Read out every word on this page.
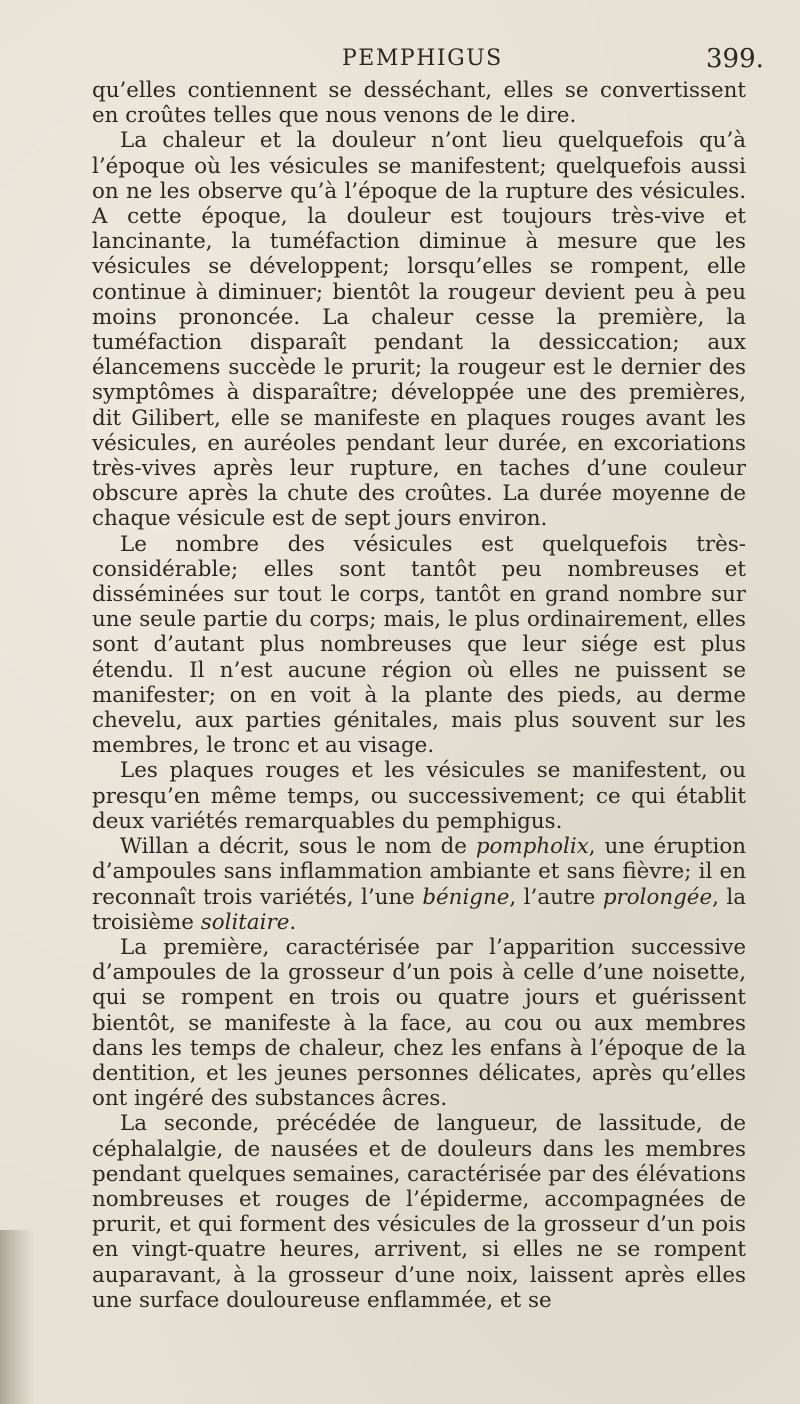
PEMPHIGUS	399.

qu’elles contiennent se desséchant, elles se convertissent en croûtes telles que nous venons de le dire.

La chaleur et la douleur n’ont lieu quelquefois qu’à l’époque où les vésicules se manifestent; quelquefois aussi on ne les observe qu’à l’époque de la rupture des vésicules. A cette époque, la douleur est toujours très-vive et lancinante, la tuméfaction diminue à mesure que les vésicules se développent; lorsqu’elles se rompent, elle continue à diminuer; bientôt la rougeur devient peu à peu moins prononcée. La chaleur cesse la première, la tuméfaction disparaît pendant la dessiccation; aux élancemens succède le prurit; la rougeur est le dernier des symptômes à disparaître; développée une des premières, dit Gilibert, elle se manifeste en plaques rouges avant les vésicules, en auréoles pendant leur durée, en excoriations très-vives après leur rupture, en taches d’une couleur obscure après la chute des croûtes. La durée moyenne de chaque vésicule est de sept jours environ.

Le nombre des vésicules est quelquefois très-considérable; elles sont tantôt peu nombreuses et disséminées sur tout le corps, tantôt en grand nombre sur une seule partie du corps; mais, le plus ordinairement, elles sont d’autant plus nombreuses que leur siége est plus étendu. Il n’est aucune région où elles ne puissent se manifester; on en voit à la plante des pieds, au derme chevelu, aux parties génitales, mais plus souvent sur les membres, le tronc et au visage.

Les plaques rouges et les vésicules se manifestent, ou presqu’en même temps, ou successivement; ce qui établit deux variétés remarquables du pemphigus.

Willan a décrit, sous le nom de pompholix, une éruption d’ampoules sans inflammation ambiante et sans fièvre; il en reconnaît trois variétés, l’une bénigne, l’autre prolongée, la troisième solitaire.

La première, caractérisée par l’apparition successive d’ampoules de la grosseur d’un pois à celle d’une noisette, qui se rompent en trois ou quatre jours et guérissent bientôt, se manifeste à la face, au cou ou aux membres dans les temps de chaleur, chez les enfans à l’époque de la dentition, et les jeunes personnes délicates, après qu’elles ont ingéré des substances âcres.

La seconde, précédée de langueur, de lassitude, de céphalalgie, de nausées et de douleurs dans les membres pendant quelques semaines, caractérisée par des élévations nombreuses et rouges de l’épiderme, accompagnées de prurit, et qui forment des vésicules de la grosseur d’un pois en vingt-quatre heures, arrivent, si elles ne se rompent auparavant, à la grosseur d’une noix, laissent après elles une surface douloureuse enflammée, et se
